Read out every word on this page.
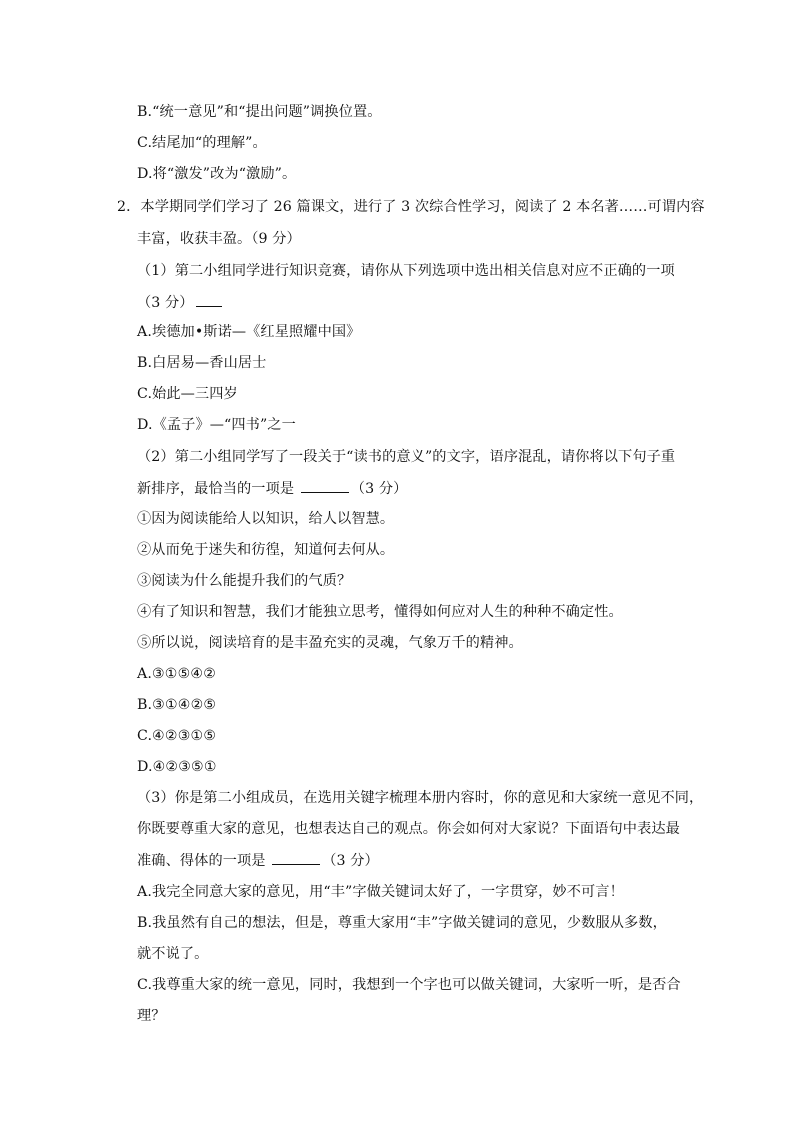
B.“统一意见”和“提出问题”调换位置。
C.结尾加“的理解”。
D.将“激发”改为“激励”。
2．本学期同学们学习了 26 篇课文，进行了 3 次综合性学习，阅读了 2 本名著……可谓内容
丰富，收获丰盈。（9 分）
（1）第二小组同学进行知识竞赛，请你从下列选项中选出相关信息对应不正确的一项
（3 分）
A.埃德加•斯诺—《红星照耀中国》
B.白居易—香山居士
C.始此—三四岁
D.《孟子》—“四书”之一
（2）第二小组同学写了一段关于“读书的意义”的文字，语序混乱，请你将以下句子重
新排序，最恰当的一项是	（3 分）
①因为阅读能给人以知识，给人以智慧。
②从而免于迷失和彷徨，知道何去何从。
③阅读为什么能提升我们的气质？
④有了知识和智慧，我们才能独立思考，懂得如何应对人生的种种不确定性。
⑤所以说，阅读培育的是丰盈充实的灵魂，气象万千的精神。
A.③①⑤④②
B.③①④②⑤
C.④②③①⑤
D.④②③⑤①
（3）你是第二小组成员，在选用关键字梳理本册内容时，你的意见和大家统一意见不同，
你既要尊重大家的意见，也想表达自己的观点。你会如何对大家说？下面语句中表达最
准确、得体的一项是	（3 分）
A.我完全同意大家的意见，用“丰”字做关键词太好了，一字贯穿，妙不可言！
B.我虽然有自己的想法，但是，尊重大家用“丰”字做关键词的意见，少数服从多数，
就不说了。
C.我尊重大家的统一意见，同时，我想到一个字也可以做关键词，大家听一听，是否合
理？
